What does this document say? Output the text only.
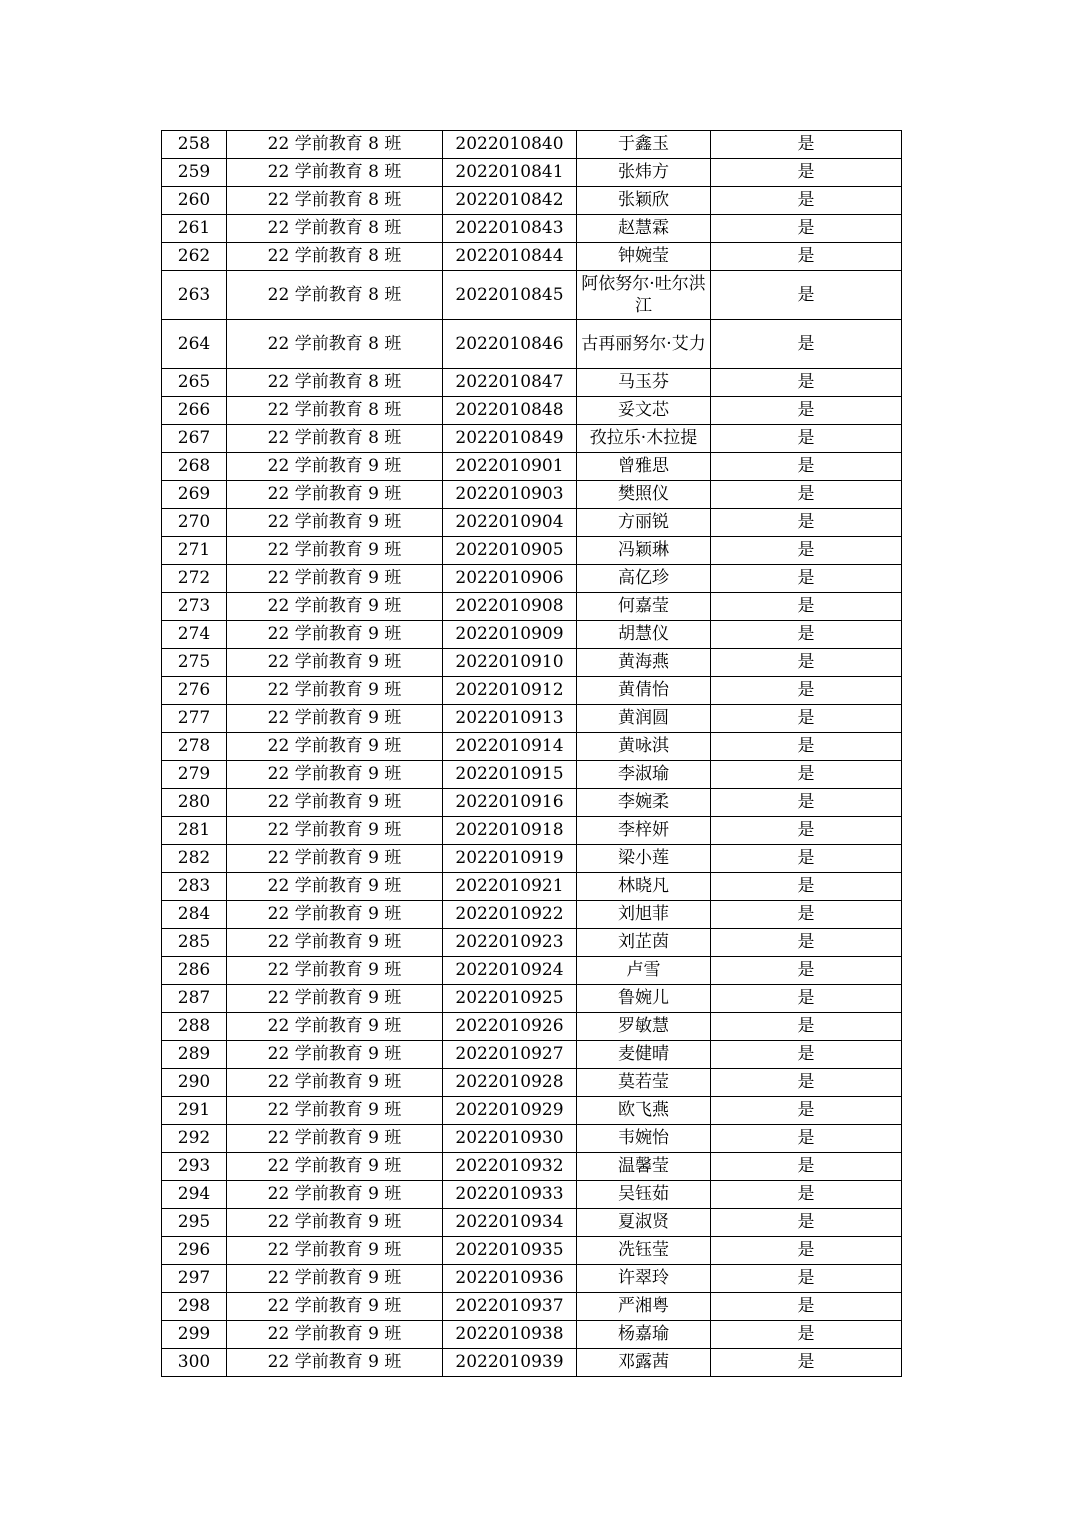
258	22 学前教育 8 班	2022010840	于鑫玉	是
259	22 学前教育 8 班	2022010841	张炜方	是
260	22 学前教育 8 班	2022010842	张颖欣	是
261	22 学前教育 8 班	2022010843	赵慧霖	是
262	22 学前教育 8 班	2022010844	钟婉莹	是
263	22 学前教育 8 班	2022010845	阿依努尔·吐尔洪江	是
264	22 学前教育 8 班	2022010846	古再丽努尔·艾力	是
265	22 学前教育 8 班	2022010847	马玉芬	是
266	22 学前教育 8 班	2022010848	妥文芯	是
267	22 学前教育 8 班	2022010849	孜拉乐·木拉提	是
268	22 学前教育 9 班	2022010901	曾雅思	是
269	22 学前教育 9 班	2022010903	樊照仪	是
270	22 学前教育 9 班	2022010904	方丽锐	是
271	22 学前教育 9 班	2022010905	冯颖琳	是
272	22 学前教育 9 班	2022010906	高亿珍	是
273	22 学前教育 9 班	2022010908	何嘉莹	是
274	22 学前教育 9 班	2022010909	胡慧仪	是
275	22 学前教育 9 班	2022010910	黄海燕	是
276	22 学前教育 9 班	2022010912	黄倩怡	是
277	22 学前教育 9 班	2022010913	黄润圆	是
278	22 学前教育 9 班	2022010914	黄咏淇	是
279	22 学前教育 9 班	2022010915	李淑瑜	是
280	22 学前教育 9 班	2022010916	李婉柔	是
281	22 学前教育 9 班	2022010918	李梓妍	是
282	22 学前教育 9 班	2022010919	梁小莲	是
283	22 学前教育 9 班	2022010921	林晓凡	是
284	22 学前教育 9 班	2022010922	刘旭菲	是
285	22 学前教育 9 班	2022010923	刘芷茵	是
286	22 学前教育 9 班	2022010924	卢雪	是
287	22 学前教育 9 班	2022010925	鲁婉儿	是
288	22 学前教育 9 班	2022010926	罗敏慧	是
289	22 学前教育 9 班	2022010927	麦健晴	是
290	22 学前教育 9 班	2022010928	莫若莹	是
291	22 学前教育 9 班	2022010929	欧飞燕	是
292	22 学前教育 9 班	2022010930	韦婉怡	是
293	22 学前教育 9 班	2022010932	温馨莹	是
294	22 学前教育 9 班	2022010933	吴钰茹	是
295	22 学前教育 9 班	2022010934	夏淑贤	是
296	22 学前教育 9 班	2022010935	冼钰莹	是
297	22 学前教育 9 班	2022010936	许翠玲	是
298	22 学前教育 9 班	2022010937	严湘粤	是
299	22 学前教育 9 班	2022010938	杨嘉瑜	是
300	22 学前教育 9 班	2022010939	邓露茜	是
